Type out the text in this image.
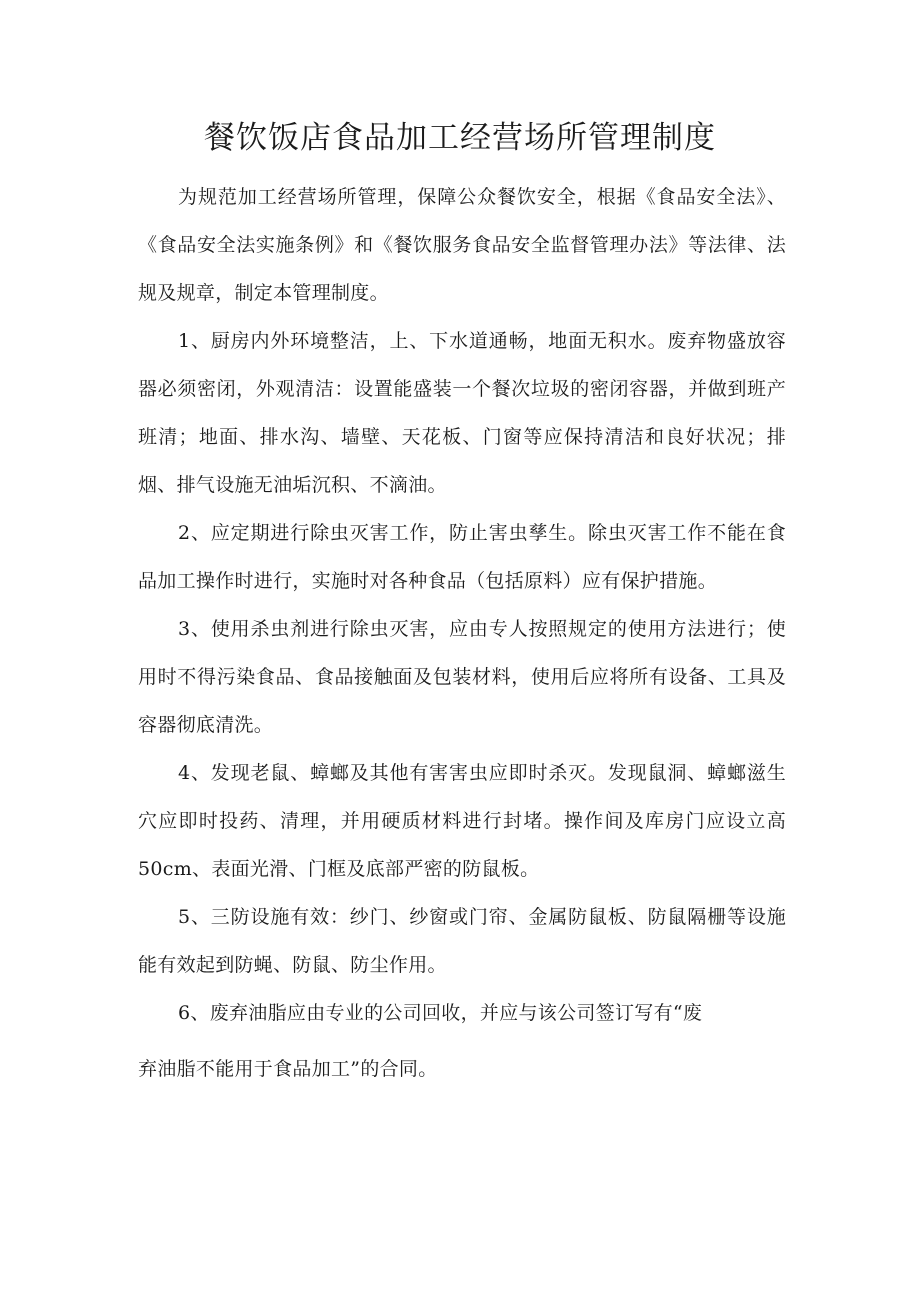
餐饮饭店食品加工经营场所管理制度

为规范加工经营场所管理，保障公众餐饮安全，根据《食品安全法》、《食品安全法实施条例》和《餐饮服务食品安全监督管理办法》等法律、法规及规章，制定本管理制度。

1、厨房内外环境整洁，上、下水道通畅，地面无积水。废弃物盛放容器必须密闭，外观清洁：设置能盛装一个餐次垃圾的密闭容器，并做到班产班清；地面、排水沟、墙壁、天花板、门窗等应保持清洁和良好状况；排烟、排气设施无油垢沉积、不滴油。

2、应定期进行除虫灭害工作，防止害虫孳生。除虫灭害工作不能在食品加工操作时进行，实施时对各种食品（包括原料）应有保护措施。

3、使用杀虫剂进行除虫灭害，应由专人按照规定的使用方法进行；使用时不得污染食品、食品接触面及包装材料，使用后应将所有设备、工具及容器彻底清洗。

4、发现老鼠、蟑螂及其他有害害虫应即时杀灭。发现鼠洞、蟑螂滋生穴应即时投药、清理，并用硬质材料进行封堵。操作间及库房门应设立高50cm、表面光滑、门框及底部严密的防鼠板。

5、三防设施有效：纱门、纱窗或门帘、金属防鼠板、防鼠隔栅等设施能有效起到防蝇、防鼠、防尘作用。

6、废弃油脂应由专业的公司回收，并应与该公司签订写有“废
弃油脂不能用于食品加工”的合同。
